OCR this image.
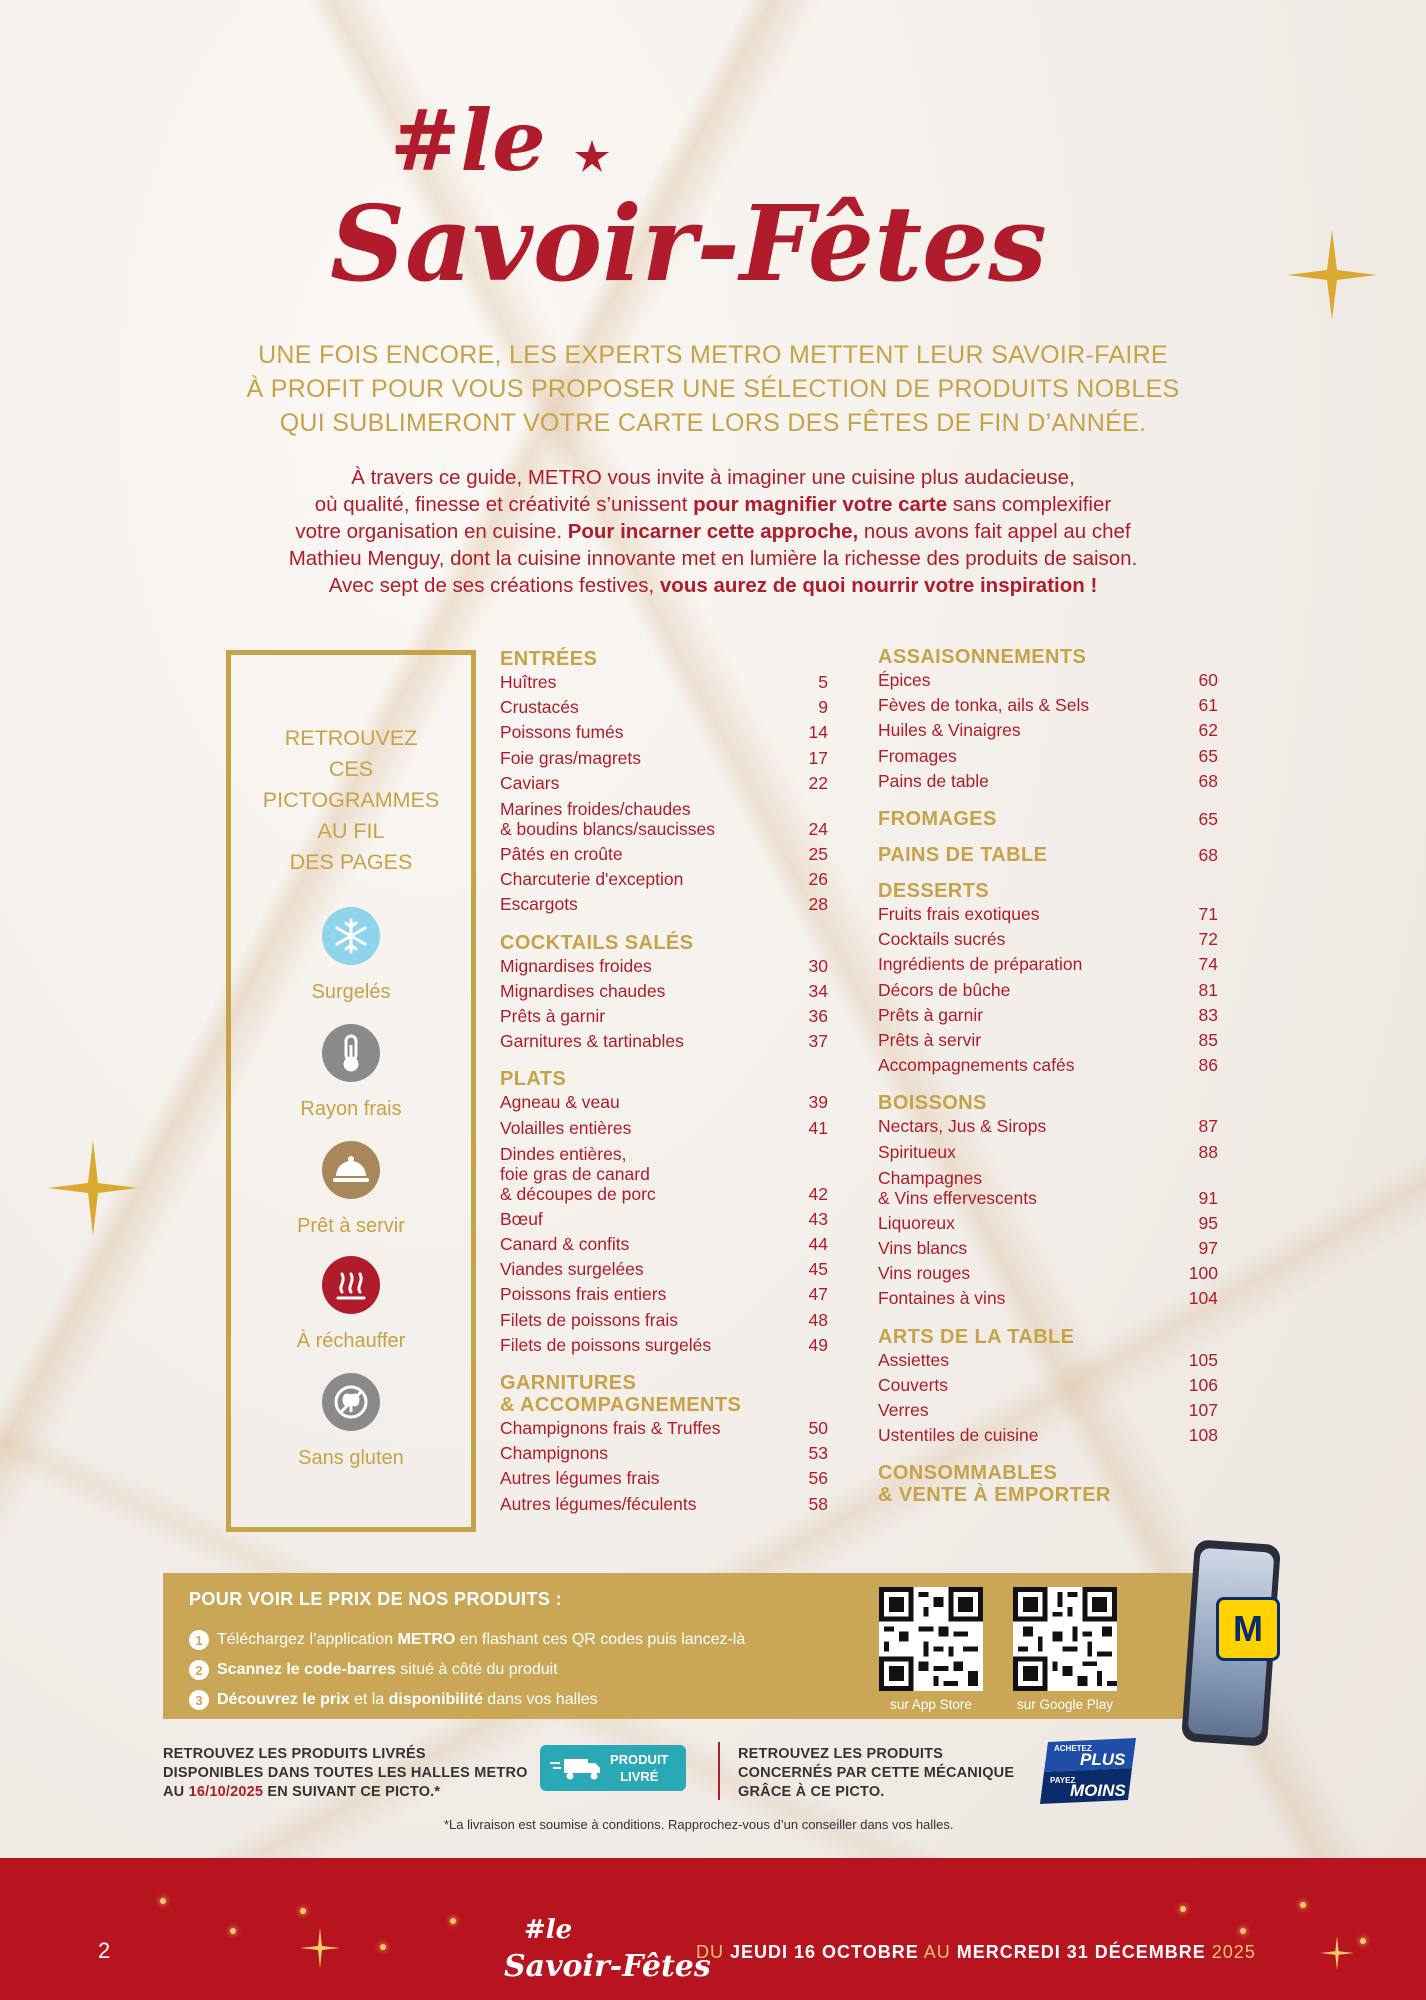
#le
Savoir-Fêtes
UNE FOIS ENCORE, LES EXPERTS METRO METTENT LEUR SAVOIR-FAIRE
À PROFIT POUR VOUS PROPOSER UNE SÉLECTION DE PRODUITS NOBLES
QUI SUBLIMERONT VOTRE CARTE LORS DES FÊTES DE FIN D’ANNÉE.
À travers ce guide, METRO vous invite à imaginer une cuisine plus audacieuse,
où qualité, finesse et créativité s’unissent pour magnifier votre carte sans complexifier
votre organisation en cuisine. Pour incarner cette approche, nous avons fait appel au chef
Mathieu Menguy, dont la cuisine innovante met en lumière la richesse des produits de saison.
Avec sept de ses créations festives, vous aurez de quoi nourrir votre inspiration !
RETROUVEZ
CES
PICTOGRAMMES
AU FIL
DES PAGES
Surgelés
Rayon frais
Prêt à servir
À réchauffer
Sans gluten
ENTRÉES
Huîtres	5
Crustacés	9
Poissons fumés	14
Foie gras/magrets	17
Caviars	22
Marines froides/chaudes
& boudins blancs/saucisses	24
Pâtés en croûte	25
Charcuterie d'exception	26
Escargots	28
COCKTAILS SALÉS
Mignardises froides	30
Mignardises chaudes	34
Prêts à garnir	36
Garnitures & tartinables	37
PLATS
Agneau & veau	39
Volailles entières	41
Dindes entières,
foie gras de canard
& découpes de porc	42
Bœuf	43
Canard & confits	44
Viandes surgelées	45
Poissons frais entiers	47
Filets de poissons frais	48
Filets de poissons surgelés	49
GARNITURES
& ACCOMPAGNEMENTS
Champignons frais & Truffes	50
Champignons	53
Autres légumes frais	56
Autres légumes/féculents	58
ASSAISONNEMENTS
Épices	60
Fèves de tonka, ails & Sels	61
Huiles & Vinaigres	62
Fromages	65
Pains de table	68
FROMAGES	65
PAINS DE TABLE	68
DESSERTS
Fruits frais exotiques	71
Cocktails sucrés	72
Ingrédients de préparation	74
Décors de bûche	81
Prêts à garnir	83
Prêts à servir	85
Accompagnements cafés	86
BOISSONS
Nectars, Jus & Sirops	87
Spiritueux	88
Champagnes
& Vins effervescents	91
Liquoreux	95
Vins blancs	97
Vins rouges	100
Fontaines à vins	104
ARTS DE LA TABLE
Assiettes	105
Couverts	106
Verres	107
Ustentiles de cuisine	108
CONSOMMABLES
& VENTE À EMPORTER
POUR VOIR LE PRIX DE NOS PRODUITS :
1 Téléchargez l’application METRO en flashant ces QR codes puis lancez-là
2 Scannez le code-barres situé à côté du produit
3 Découvrez le prix et la disponibilité dans vos halles	sur App Store	sur Google Play
M
RETROUVEZ LES PRODUITS LIVRÉS
DISPONIBLES DANS TOUTES LES HALLES METRO
AU 16/10/2025 EN SUIVANT CE PICTO.*
PRODUIT
LIVRÉ
RETROUVEZ LES PRODUITS
CONCERNÉS PAR CETTE MÉCANIQUE
GRÂCE À CE PICTO.
ACHETEZ
PLUS
PAYEZ
MOINS
*La livraison est soumise à conditions. Rapprochez-vous d’un conseiller dans vos halles.
2
#le
Savoir-Fêtes
DU JEUDI 16 OCTOBRE AU MERCREDI 31 DÉCEMBRE 2025
